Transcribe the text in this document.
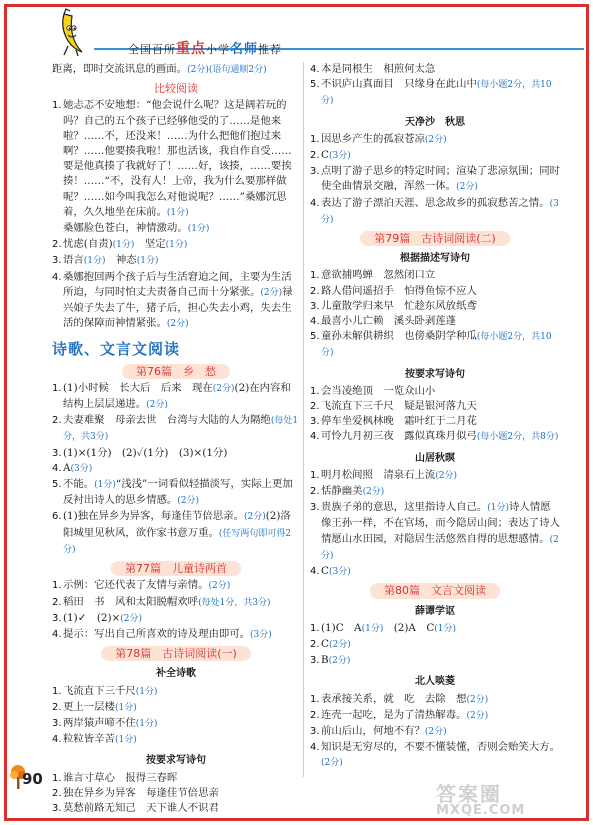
全国百所重点小学名师推荐
距离，即时交流讯息的画面。(2分)(语句通顺2分)
比较阅读
1. 她忐忑不安地想：“他会说什么呢？这是阔若玩的吗？自己的五个孩子已经够他受的了……是他来啦？……不，还没来！……为什么把他们抱过来啊？……他要揍我啦！那也活该，我自作自受……要是他真揍了我就好了！……好，该揍，……要挨揍！……“不，没有人！上帝，我为什么要那样做呢？……如今叫我怎么对他说呢？……”桑娜沉思着，久久地坐在床前。(1分)
桑娜脸色苍白，神情激动。(1分)
2. 忧虑(自责)(1分)　坚定(1分)
3. 语言(1分)　神态(1分)
4. 桑娜抱回两个孩子后与生活窘迫之间，主要为生活所迫，与同时怕丈夫责备自己而十分紧张。(2分)禄兴娘子失去了牛，猪子后，担心失去小鸡，失去生活的保障而神情紧张。(2分)
诗歌、文言文阅读
第76篇　乡　愁
1. (1)小时候　长大后　后来　现在(2分)(2)在内容和结构上层层递进。(2分)
2. 夫妻难聚　母亲去世　台湾与大陆的人为隔绝(每处1分，共3分)
3. (1)×(1分)　(2)✓(1分)　(3)×(1分)
4. A(3分)
5. 不能。(1分)“浅浅”一词看似轻描淡写，实际上更加反衬出诗人的思乡情感。(2分)
6. (1)独在异乡为异客，每逢佳节倍思亲。(2分)(2)洛阳城里见秋风，欲作家书意万重。(任写两句即可得2分)
第77篇　儿童诗两首
1. 示例：它还代表了友情与亲情。(2分)
2. 稻田　书　风和太阳脱帽欢呼(每处1分，共3分)
3. (1)✓　(2)×(2分)
4. 提示：写出自己所喜欢的诗及理由即可。(3分)
第78篇　古诗词阅读(一)
补全诗歌
1. 飞流直下三千尺(1分)
2. 更上一层楼(1分)
3. 两岸猿声啼不住(1分)
4. 粒粒皆辛苦(1分)
按要求写诗句
1. 谁言寸草心　报得三春晖
2. 独在异乡为异客　每逢佳节倍思亲
3. 莫愁前路无知己　天下谁人不识君
4. 本是同根生　相煎何太急
5. 不识庐山真面目　只缘身在此山中(每小题2分，共10分)
天净沙　秋思
1. 因思乡产生的孤寂苍凉(2分)
2. C(3分)
3. 点明了游子思乡的特定时间；渲染了悲凉氛围；同时使全曲情景交融，浑然一体。(2分)
4. 表达了游子漂泊天涯、思念故乡的孤寂愁苦之情。(3分)
第79篇　古诗词阅读(二)
根据描述写诗句
1. 意欲捕鸣蝉　忽然闭口立
2. 路人借问遥招手　怕得鱼惊不应人
3. 儿童散学归来早　忙趁东风放纸鸢
4. 最喜小儿亡赖　溪头卧剥莲蓬
5. 童孙未解供耕织　也傍桑阴学种瓜(每小题2分，共10分)
按要求写诗句
1. 会当凌绝顶　一览众山小
2. 飞流直下三千尺　疑是银河落九天
3. 停车坐爱枫林晚　霜叶红于二月花
4. 可怜九月初三夜　露似真珠月似弓(每小题2分，共8分)
山居秋暝
1. 明月松间照　清泉石上流(2分)
2. 恬静幽美(2分)
3. 贵族子弟的意思，这里指诗人自己。(1分)诗人情愿像王孙一样，不在官场，而今隐居山间；表达了诗人情愿山水田园，对隐居生活悠然自得的思想感情。(2分)
4. C(3分)
第80篇　文言文阅读
薛谭学讴
1. (1)C　A(1分)　(2)A　C(1分)
2. C(2分)
3. B(2分)
北人啖菱
1. 表承接关系，就　吃　去除　想(2分)
2. 连壳一起吃，是为了清热解毒。(2分)
3. 前山后山，何地不有？(2分)
4. 知识是无穷尽的，不要不懂装懂，否则会贻笑大方。(2分)
90
答案圈
MXQE.COM
